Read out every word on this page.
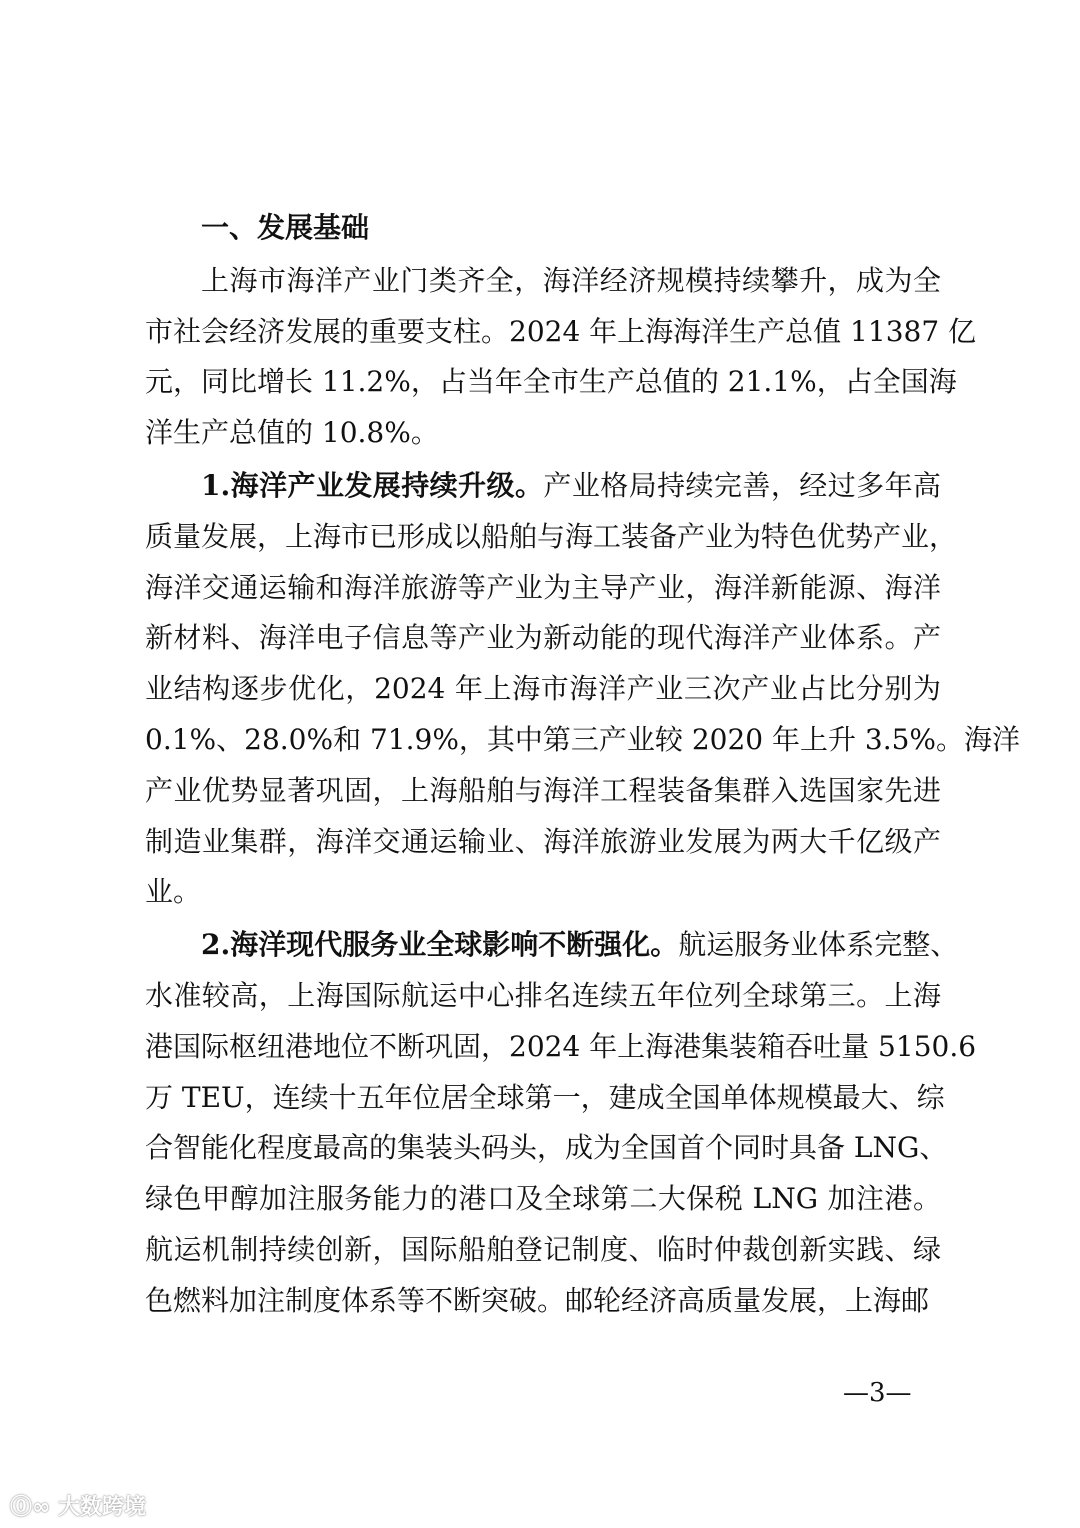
一、发展基础
上海市海洋产业门类齐全，海洋经济规模持续攀升，成为全
市社会经济发展的重要支柱。2024 年上海海洋生产总值 11387 亿
元，同比增长 11.2%，占当年全市生产总值的 21.1%，占全国海
洋生产总值的 10.8%。
1.海洋产业发展持续升级。产业格局持续完善，经过多年高
质量发展，上海市已形成以船舶与海工装备产业为特色优势产业，
海洋交通运输和海洋旅游等产业为主导产业，海洋新能源、海洋
新材料、海洋电子信息等产业为新动能的现代海洋产业体系。产
业结构逐步优化，2024 年上海市海洋产业三次产业占比分别为
0.1%、28.0%和 71.9%，其中第三产业较 2020 年上升 3.5%。海洋
产业优势显著巩固，上海船舶与海洋工程装备集群入选国家先进
制造业集群，海洋交通运输业、海洋旅游业发展为两大千亿级产
业。
2.海洋现代服务业全球影响不断强化。航运服务业体系完整、
水准较高，上海国际航运中心排名连续五年位列全球第三。上海
港国际枢纽港地位不断巩固，2024 年上海港集装箱吞吐量 5150.6
万 TEU，连续十五年位居全球第一，建成全国单体规模最大、综
合智能化程度最高的集装头码头，成为全国首个同时具备 LNG、
绿色甲醇加注服务能力的港口及全球第二大保税 LNG 加注港。
航运机制持续创新，国际船舶登记制度、临时仲裁创新实践、绿
色燃料加注制度体系等不断突破。邮轮经济高质量发展，上海邮
—3—
⓪∞ 大数跨境
